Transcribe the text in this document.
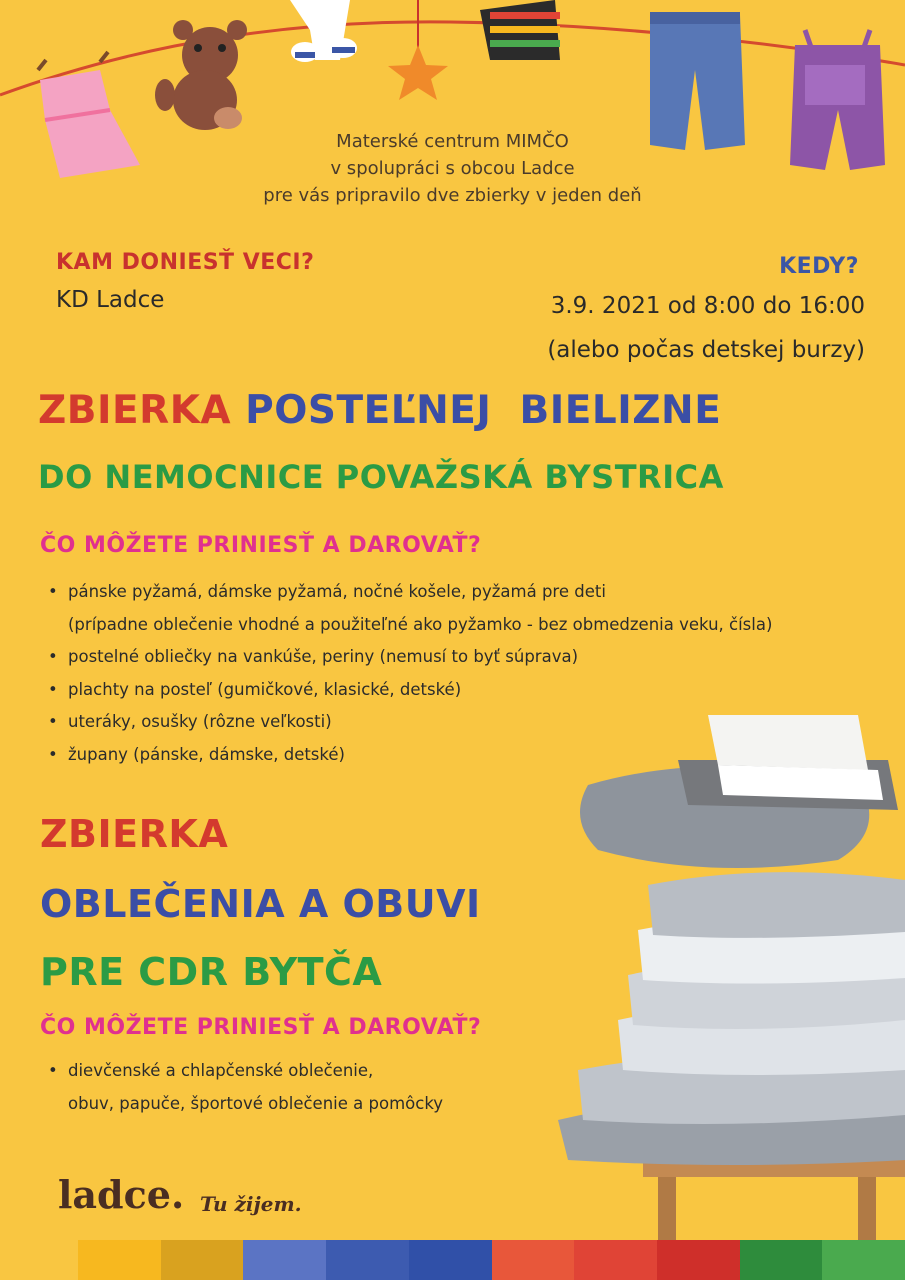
Materské centrum MIMČO
v spolupráci s obcou Ladce
pre vás pripravilo dve zbierky v jeden deň
KAM DONIESŤ VECI?
KD Ladce
KEDY?
3.9. 2021 od 8:00 do 16:00
(alebo počas detskej burzy)
ZBIERKA POSTEĽNEJ  BIELIZNE
DO NEMOCNICE POVAŽSKÁ BYSTRICA
ČO MÔŽETE PRINIESŤ A DAROVAŤ?
• pánske pyžamá, dámske pyžamá, nočné košele, pyžamá pre deti
(prípadne oblečenie vhodné a použiteľné ako pyžamko - bez obmedzenia veku, čísla)
• postelné obliečky na vankúše, periny (nemusí to byť súprava)
• plachty na posteľ (gumičkové, klasické, detské)
• uteráky, osušky (rôzne veľkosti)
• župany (pánske, dámske, detské)
ZBIERKA
OBLEČENIA A OBUVI
PRE CDR BYTČA
ČO MÔŽETE PRINIESŤ A DAROVAŤ?
• dievčenské a chlapčenské oblečenie,
obuv, papuče, športové oblečenie a pomôcky
ladce. Tu žijem.
